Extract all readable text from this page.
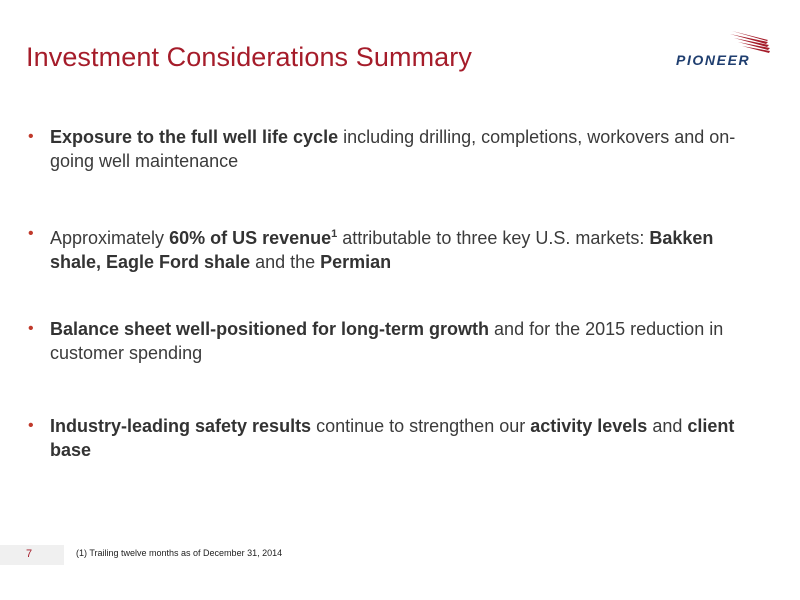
Investment Considerations Summary	PIONEER
• Exposure to the full well life cycle including drilling, completions, workovers and on-going well maintenance
• Approximately 60% of US revenue$^1$ attributable to three key U.S. markets: Bakken shale, Eagle Ford shale and the Permian
• Balance sheet well-positioned for long-term growth and for the 2015 reduction in customer spending
• Industry-leading safety results continue to strengthen our activity levels and client base
7	(1) Trailing twelve months as of December 31, 2014
